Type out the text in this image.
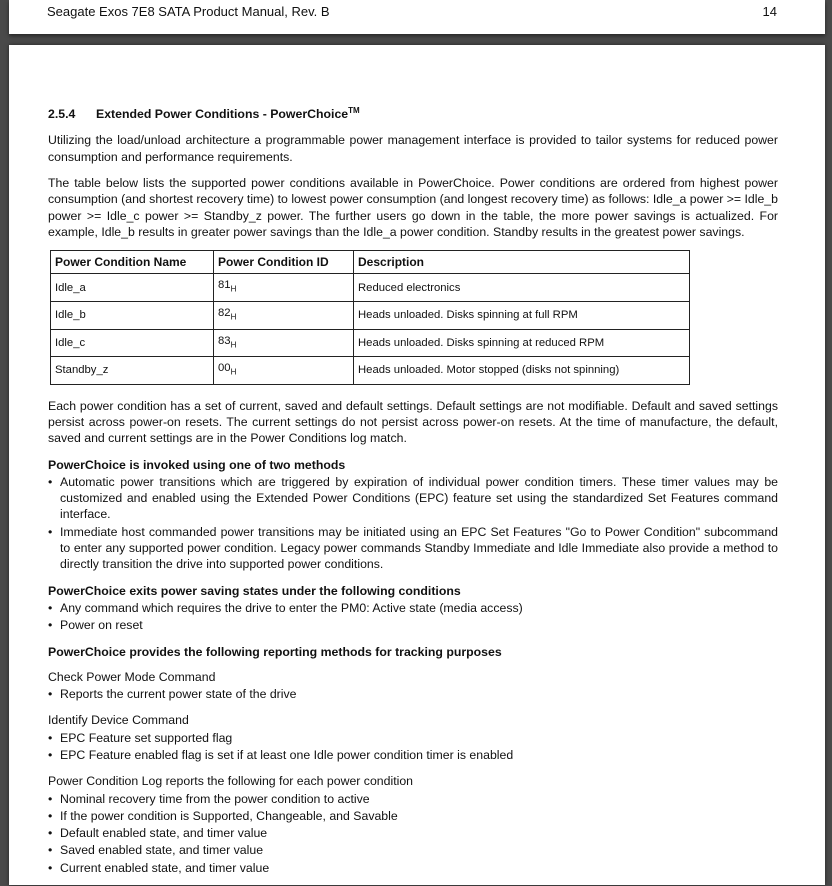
Seagate Exos 7E8 SATA Product Manual, Rev. B	14
2.5.4 Extended Power Conditions - PowerChoice™

Utilizing the load/unload architecture a programmable power management interface is provided to tailor systems for reduced power consumption and performance requirements.

The table below lists the supported power conditions available in PowerChoice. Power conditions are ordered from highest power consumption (and shortest recovery time) to lowest power consumption (and longest recovery time) as follows: Idle_a power >= Idle_b power >= Idle_c power >= Standby_z power. The further users go down in the table, the more power savings is actualized. For example, Idle_b results in greater power savings than the Idle_a power condition. Standby results in the greatest power savings.

Power Condition Name	Power Condition ID	Description
Idle_a	$81_H$	Reduced electronics
Idle_b	$82_H$	Heads unloaded. Disks spinning at full RPM
Idle_c	$83_H$	Heads unloaded. Disks spinning at reduced RPM
Standby_z	$00_H$	Heads unloaded. Motor stopped (disks not spinning)

Each power condition has a set of current, saved and default settings. Default settings are not modifiable. Default and saved settings persist across power-on resets. The current settings do not persist across power-on resets. At the time of manufacture, the default, saved and current settings are in the Power Conditions log match.

PowerChoice is invoked using one of two methods
• Automatic power transitions which are triggered by expiration of individual power condition timers. These timer values may be customized and enabled using the Extended Power Conditions (EPC) feature set using the standardized Set Features command interface.
• Immediate host commanded power transitions may be initiated using an EPC Set Features "Go to Power Condition" subcommand to enter any supported power condition. Legacy power commands Standby Immediate and Idle Immediate also provide a method to directly transition the drive into supported power conditions.
PowerChoice exits power saving states under the following conditions
• Any command which requires the drive to enter the PM0: Active state (media access)
• Power on reset
PowerChoice provides the following reporting methods for tracking purposes
Check Power Mode Command
• Reports the current power state of the drive
Identify Device Command
• EPC Feature set supported flag
• EPC Feature enabled flag is set if at least one Idle power condition timer is enabled
Power Condition Log reports the following for each power condition
• Nominal recovery time from the power condition to active
• If the power condition is Supported, Changeable, and Savable
• Default enabled state, and timer value
• Saved enabled state, and timer value
• Current enabled state, and timer value
